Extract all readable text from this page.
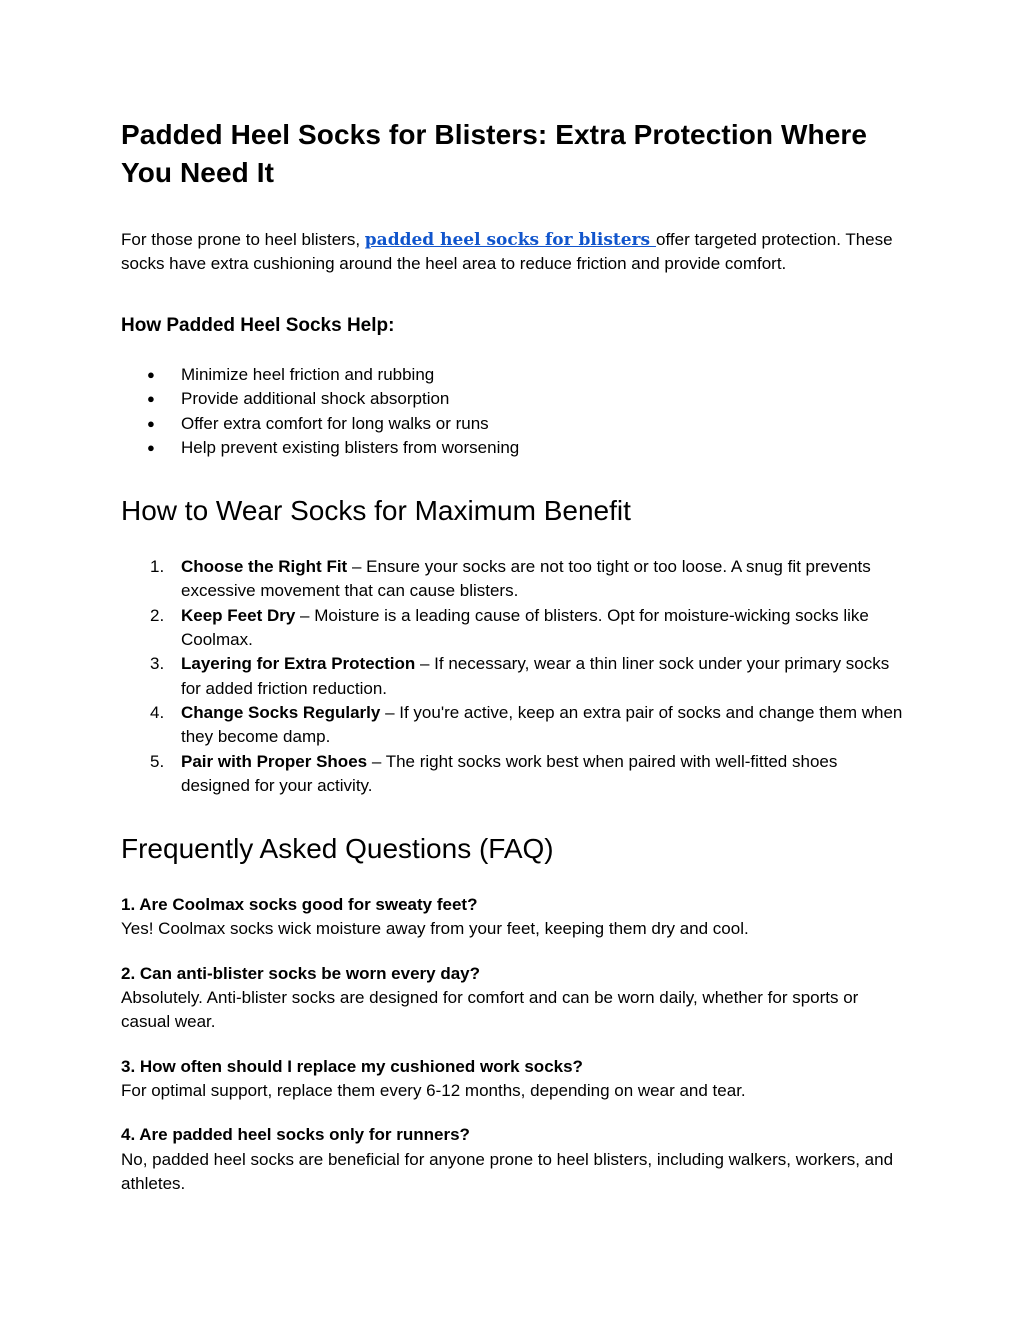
Padded Heel Socks for Blisters: Extra Protection Where You Need It

For those prone to heel blisters, padded heel socks for blisters offer targeted protection. These socks have extra cushioning around the heel area to reduce friction and provide comfort.

How Padded Heel Socks Help:
● Minimize heel friction and rubbing
● Provide additional shock absorption
● Offer extra comfort for long walks or runs
● Help prevent existing blisters from worsening
How to Wear Socks for Maximum Benefit
1. Choose the Right Fit – Ensure your socks are not too tight or too loose. A snug fit prevents excessive movement that can cause blisters.
2. Keep Feet Dry – Moisture is a leading cause of blisters. Opt for moisture-wicking socks like Coolmax.
3. Layering for Extra Protection – If necessary, wear a thin liner sock under your primary socks for added friction reduction.
4. Change Socks Regularly – If you're active, keep an extra pair of socks and change them when they become damp.
5. Pair with Proper Shoes – The right socks work best when paired with well-fitted shoes designed for your activity.
Frequently Asked Questions (FAQ)
1. Are Coolmax socks good for sweaty feet?
Yes! Coolmax socks wick moisture away from your feet, keeping them dry and cool.
2. Can anti-blister socks be worn every day?
Absolutely. Anti-blister socks are designed for comfort and can be worn daily, whether for sports or casual wear.
3. How often should I replace my cushioned work socks?
For optimal support, replace them every 6-12 months, depending on wear and tear.
4. Are padded heel socks only for runners?
No, padded heel socks are beneficial for anyone prone to heel blisters, including walkers, workers, and athletes.
